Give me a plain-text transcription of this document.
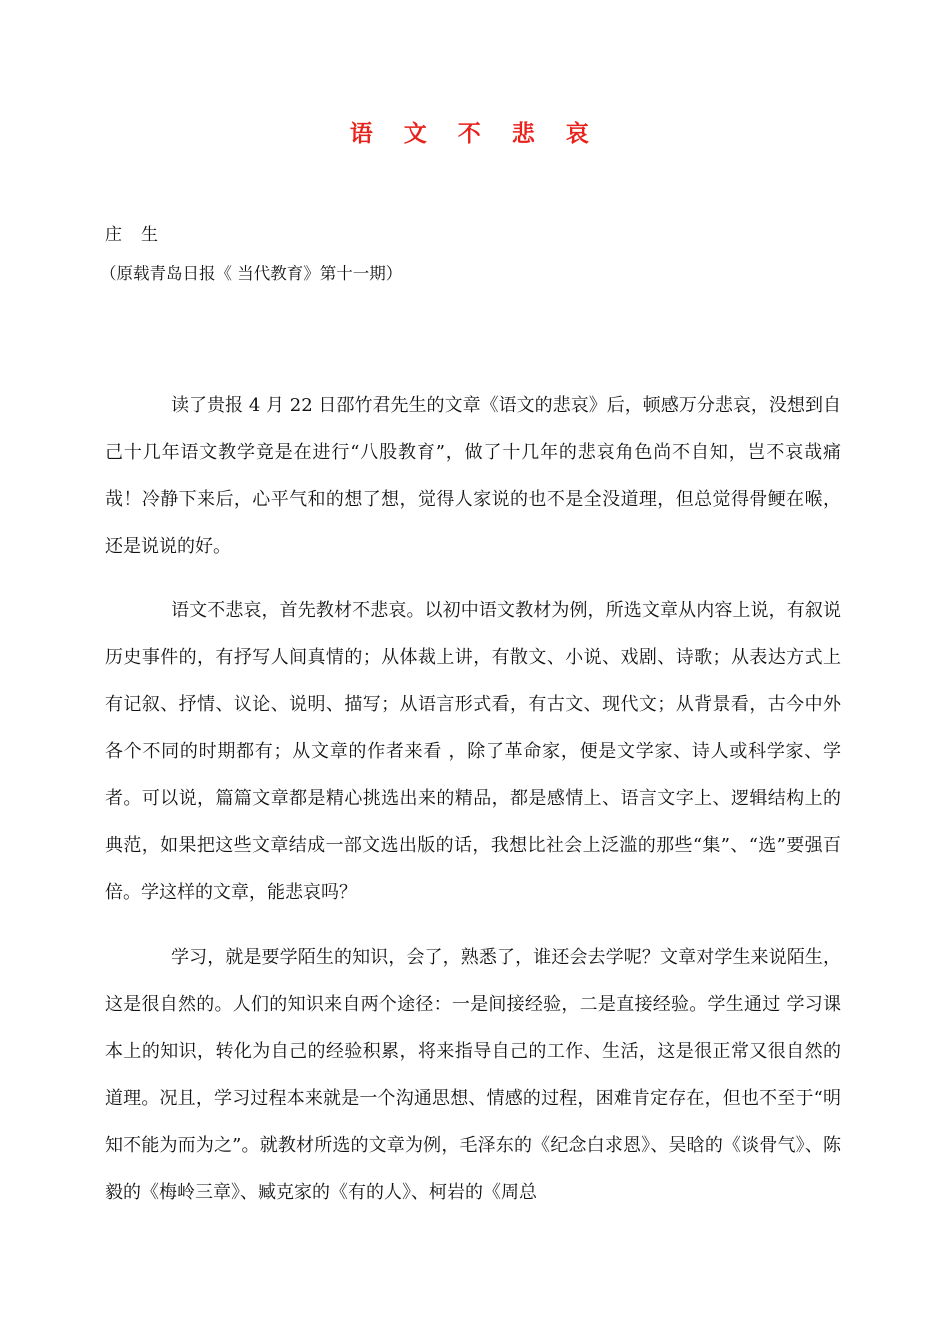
语 文 不 悲 哀
庄 生
（原载青岛日报《 当代教育》第十一期）

读了贵报 4 月 22 日邵竹君先生的文章《语文的悲哀》后，顿感万分悲哀，没想到自己十几年语文教学竟是在进行“八股教育”，做了十几年的悲哀角色尚不自知，岂不哀哉痛哉！冷静下来后，心平气和的想了想，觉得人家说的也不是全没道理，但总觉得骨鲠在喉，还是说说的好。

语文不悲哀，首先教材不悲哀。以初中语文教材为例，所选文章从内容上说，有叙说历史事件的，有抒写人间真情的；从体裁上讲，有散文、小说、戏剧、诗歌；从表达方式上有记叙、抒情、议论、说明、描写；从语言形式看，有古文、现代文；从背景看，古今中外各个不同的时期都有；从文章的作者来看 ，除了革命家，便是文学家、诗人或科学家、学者。可以说，篇篇文章都是精心挑选出来的精品，都是感情上、语言文字上、逻辑结构上的典范，如果把这些文章结成一部文选出版的话，我想比社会上泛滥的那些“集”、“选”要强百倍。学这样的文章，能悲哀吗？

学习，就是要学陌生的知识，会了，熟悉了，谁还会去学呢？文章对学生来说陌生，这是很自然的。人们的知识来自两个途径：一是间接经验，二是直接经验。学生通过 学习课本上的知识，转化为自己的经验积累，将来指导自己的工作、生活，这是很正常又很自然的道理。况且，学习过程本来就是一个沟通思想、情感的过程，困难肯定存在，但也不至于“明知不能为而为之”。就教材所选的文章为例，毛泽东的《纪念白求恩》、吴晗的《谈骨气》、陈毅的《梅岭三章》、臧克家的《有的人》、柯岩的《周总
